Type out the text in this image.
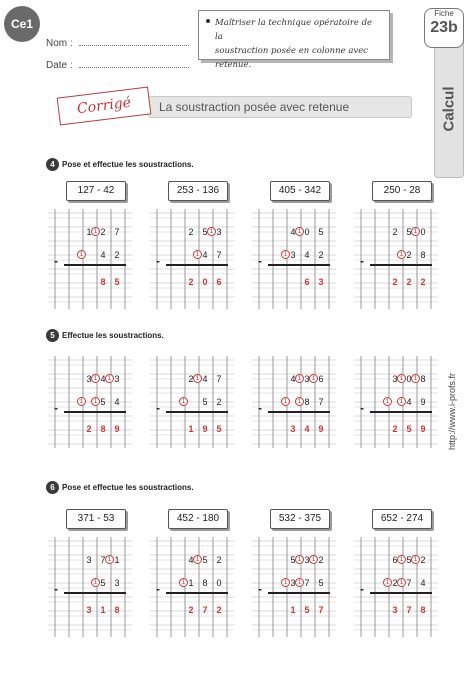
Ce1
Nom :
Date :
Maîtriser la technique opératoire de la
soustraction posée en colonne avec retenue.
Fiche
23b
Calcul
La soustraction posée avec retenue
Corrigé
4 Pose et effectue les soustractions.
5 Effectue les soustractions.
6 Pose et effectue les soustractions.
127 - 42
-
1 2 7
4 2
8 5
1
1
253 - 136
-
2 5 3
4 7
2 0 6
1
1
405 - 342
-
4 0 5
3 4 2
6 3
1
1
250 - 28
-
2 5 0
2 8
2 2 2
1
1
-
3 4 3
5 4
2 8 9
1	1
1	1	-
2 4 7
5 2
1 9 5
1
1	-
4 3 6
8 7
3 4 9
1	1
1	1	-
3 0 8
4 9
2 5 9
1	1
1	1
371 - 53
-
3 7 1
5 3
3 1 8
1
1
452 - 180
-
4 5 2
1 8 0
2 7 2
1
1
532 - 375
-
5 3 2
3 7 5
1 5 7
1	1
1	1
652 - 274
-
6 5 2
2 7 4
3 7 8
1	1
1	1
http://www.i-profs.fr
